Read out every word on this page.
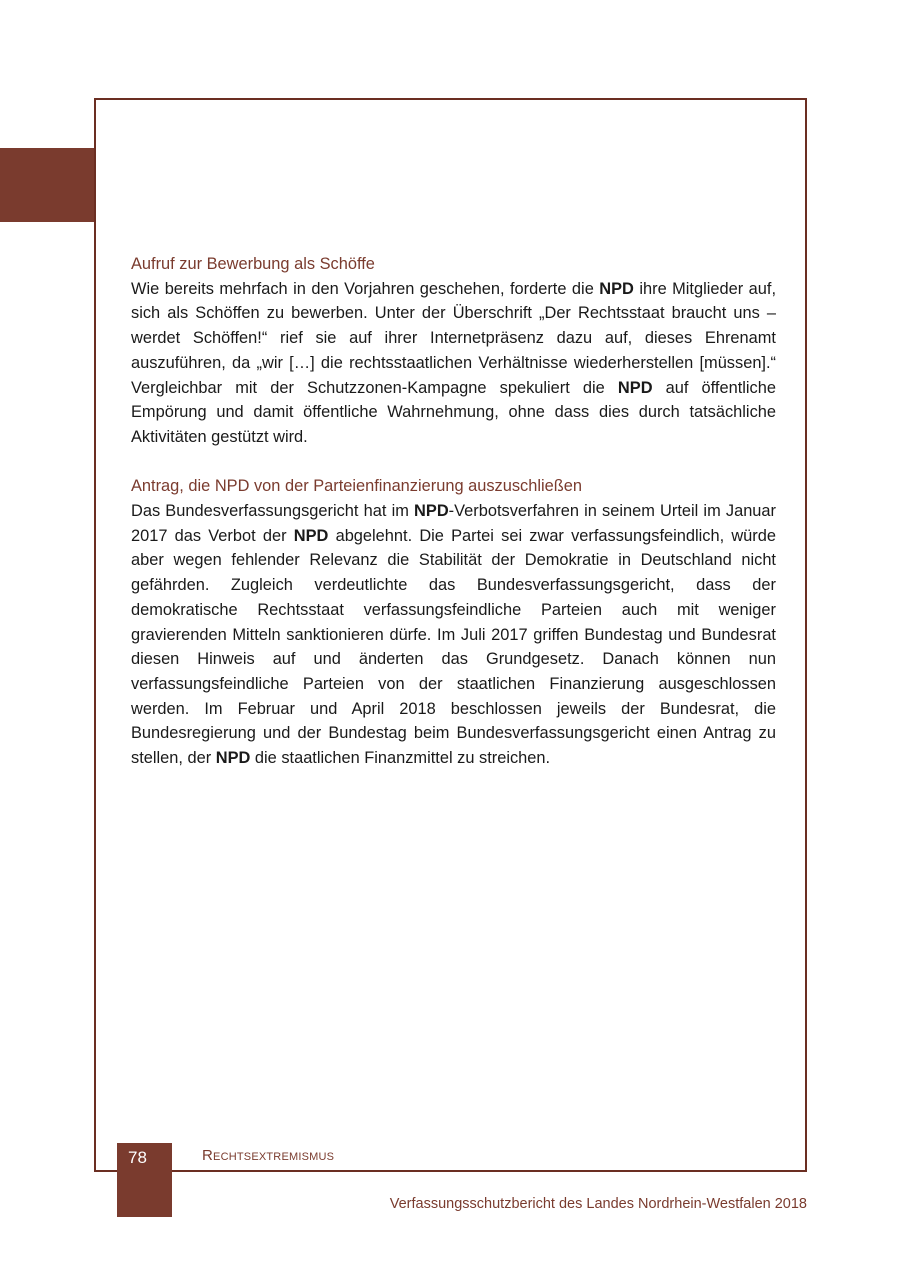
Aufruf zur Bewerbung als Schöffe

Wie bereits mehrfach in den Vorjahren geschehen, forderte die NPD ihre Mitglieder auf, sich als Schöffen zu bewerben. Unter der Überschrift „Der Rechtsstaat braucht uns – werdet Schöffen!“ rief sie auf ihrer Internetpräsenz dazu auf, dieses Ehrenamt auszuführen, da „wir […] die rechtsstaatlichen Verhältnisse wiederherstellen [müssen].“ Vergleichbar mit der Schutzzonen-Kampagne spekuliert die NPD auf öffentliche Empörung und damit öffentliche Wahrnehmung, ohne dass dies durch tatsächliche Aktivitäten gestützt wird.

Antrag, die NPD von der Parteienfinanzierung auszuschließen

Das Bundesverfassungsgericht hat im NPD-Verbotsverfahren in seinem Urteil im Januar 2017 das Verbot der NPD abgelehnt. Die Partei sei zwar verfassungsfeindlich, würde aber wegen fehlender Relevanz die Stabilität der Demokratie in Deutschland nicht gefährden. Zugleich verdeutlichte das Bundesverfassungsgericht, dass der demokratische Rechtsstaat verfassungsfeindliche Parteien auch mit weniger gravierenden Mitteln sanktionieren dürfe. Im Juli 2017 griffen Bundestag und Bundesrat diesen Hinweis auf und änderten das Grundgesetz. Danach können nun verfassungsfeindliche Parteien von der staatlichen Finanzierung ausgeschlossen werden. Im Februar und April 2018 beschlossen jeweils der Bundesrat, die Bundesregierung und der Bundestag beim Bundesverfassungsgericht einen Antrag zu stellen, der NPD die staatlichen Finanzmittel zu streichen.

78	Rechtsextremismus
Verfassungsschutzbericht des Landes Nordrhein-Westfalen 2018
